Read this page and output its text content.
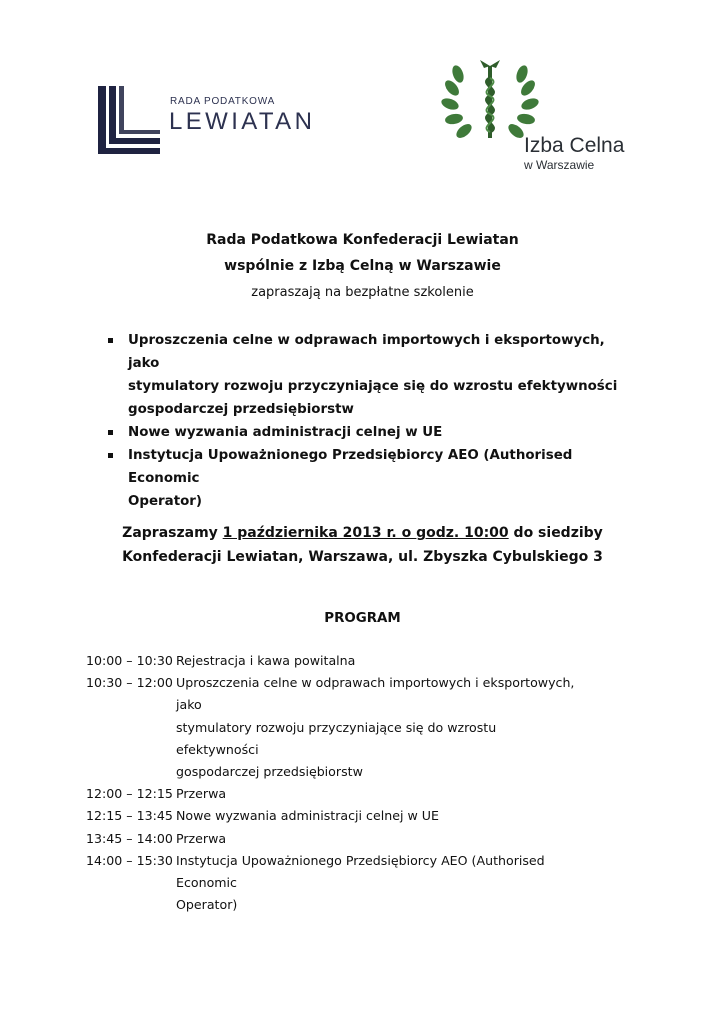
RADA PODATKOWA
LEWIATAN
Izba Celna
w Warszawie
Rada Podatkowa Konfederacji Lewiatan
wspólnie z Izbą Celną w Warszawie
zapraszają na bezpłatne szkolenie
Uproszczenia celne w odprawach importowych i eksportowych, jako
stymulatory rozwoju przyczyniające się do wzrostu efektywności
gospodarczej przedsiębiorstw
Nowe wyzwania administracji celnej w UE
Instytucja Upoważnionego Przedsiębiorcy AEO (Authorised Economic
Operator)
Zapraszamy 1 października 2013 r. o godz. 10:00 do siedziby
Konfederacji Lewiatan, Warszawa, ul. Zbyszka Cybulskiego 3
PROGRAM
10:00 – 10:30 Rejestracja i kawa powitalna
10:30 – 12:00 Uproszczenia celne w odprawach importowych i eksportowych, jako
stymulatory rozwoju przyczyniające się do wzrostu efektywności
gospodarczej przedsiębiorstw
12:00 – 12:15 Przerwa
12:15 – 13:45 Nowe wyzwania administracji celnej w UE
13:45 – 14:00 Przerwa
14:00 – 15:30 Instytucja Upoważnionego Przedsiębiorcy AEO (Authorised Economic
Operator)
